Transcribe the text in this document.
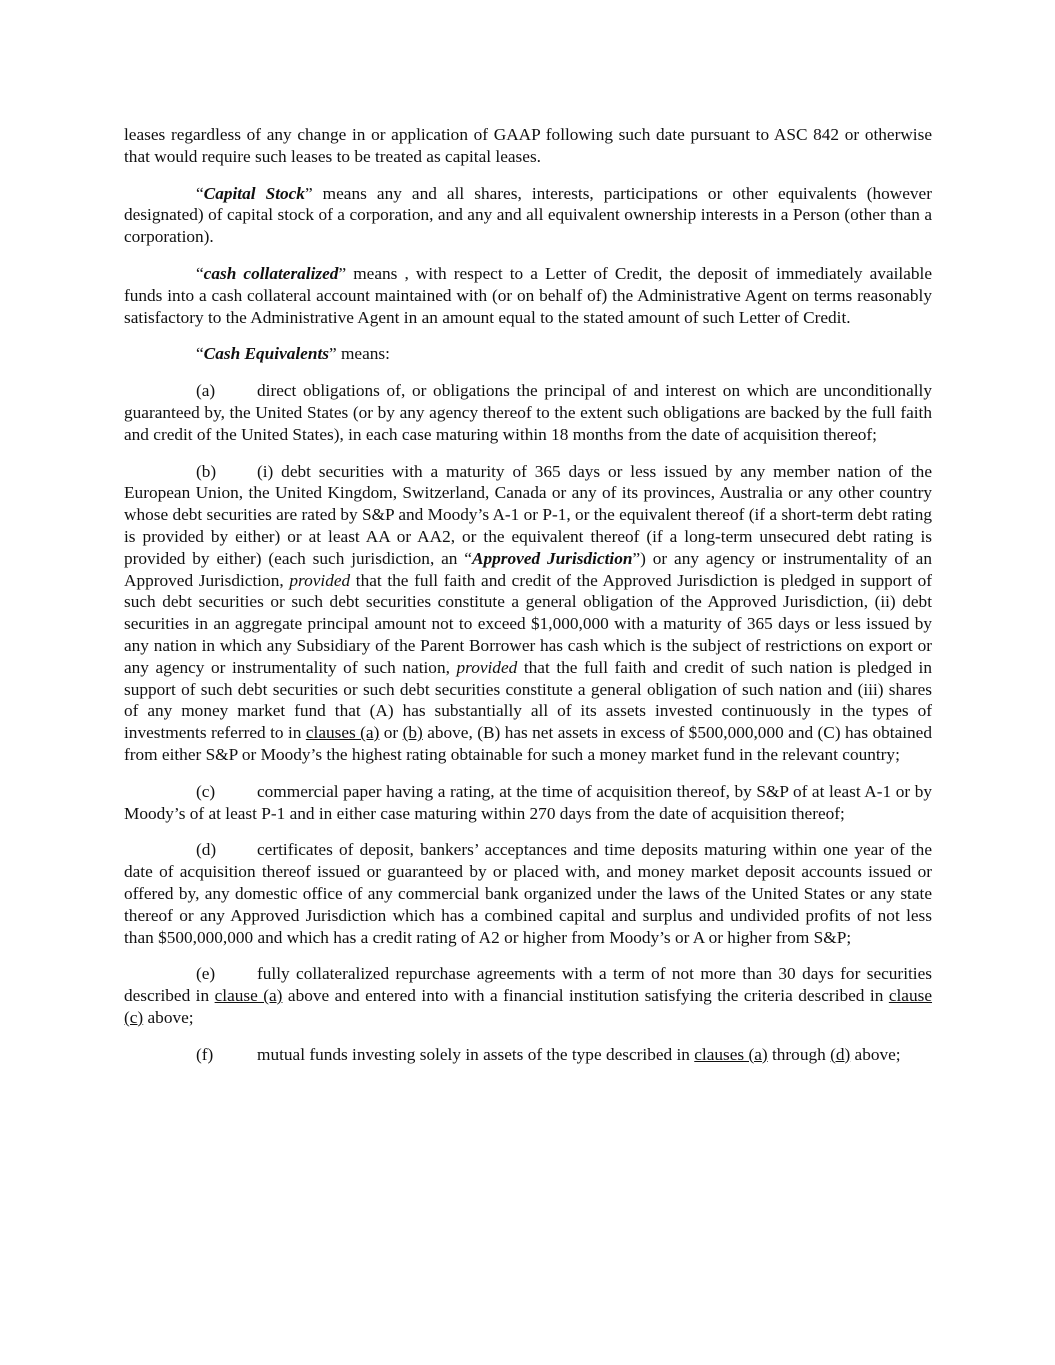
leases regardless of any change in or application of GAAP following such date pursuant to ASC 842 or otherwise that would require such leases to be treated as capital leases.

“Capital Stock” means any and all shares, interests, participations or other equivalents (however designated) of capital stock of a corporation, and any and all equivalent ownership interests in a Person (other than a corporation).

“cash collateralized” means , with respect to a Letter of Credit, the deposit of immediately available funds into a cash collateral account maintained with (or on behalf of) the Administrative Agent on terms reasonably satisfactory to the Administrative Agent in an amount equal to the stated amount of such Letter of Credit.

“Cash Equivalents” means:

(a) direct obligations of, or obligations the principal of and interest on which are unconditionally guaranteed by, the United States (or by any agency thereof to the extent such obligations are backed by the full faith and credit of the United States), in each case maturing within 18 months from the date of acquisition thereof;

(b) (i) debt securities with a maturity of 365 days or less issued by any member nation of the European Union, the United Kingdom, Switzerland, Canada or any of its provinces, Australia or any other country whose debt securities are rated by S&P and Moody’s A-1 or P-1, or the equivalent thereof (if a short-term debt rating is provided by either) or at least AA or AA2, or the equivalent thereof (if a long-term unsecured debt rating is provided by either) (each such jurisdiction, an “Approved Jurisdiction”) or any agency or instrumentality of an Approved Jurisdiction, provided that the full faith and credit of the Approved Jurisdiction is pledged in support of such debt securities or such debt securities constitute a general obligation of the Approved Jurisdiction, (ii) debt securities in an aggregate principal amount not to exceed $1,000,000 with a maturity of 365 days or less issued by any nation in which any Subsidiary of the Parent Borrower has cash which is the subject of restrictions on export or any agency or instrumentality of such nation, provided that the full faith and credit of such nation is pledged in support of such debt securities or such debt securities constitute a general obligation of such nation and (iii) shares of any money market fund that (A) has substantially all of its assets invested continuously in the types of investments referred to in clauses (a) or (b) above, (B) has net assets in excess of $500,000,000 and (C) has obtained from either S&P or Moody’s the highest rating obtainable for such a money market fund in the relevant country;

(c) commercial paper having a rating, at the time of acquisition thereof, by S&P of at least A-1 or by Moody’s of at least P-1 and in either case maturing within 270 days from the date of acquisition thereof;

(d) certificates of deposit, bankers’ acceptances and time deposits maturing within one year of the date of acquisition thereof issued or guaranteed by or placed with, and money market deposit accounts issued or offered by, any domestic office of any commercial bank organized under the laws of the United States or any state thereof or any Approved Jurisdiction which has a combined capital and surplus and undivided profits of not less than $500,000,000 and which has a credit rating of A2 or higher from Moody’s or A or higher from S&P;

(e) fully collateralized repurchase agreements with a term of not more than 30 days for securities described in clause (a) above and entered into with a financial institution satisfying the criteria described in clause (c) above;

(f)	mutual funds investing solely in assets of the type described in clauses (a) through (d) above;
